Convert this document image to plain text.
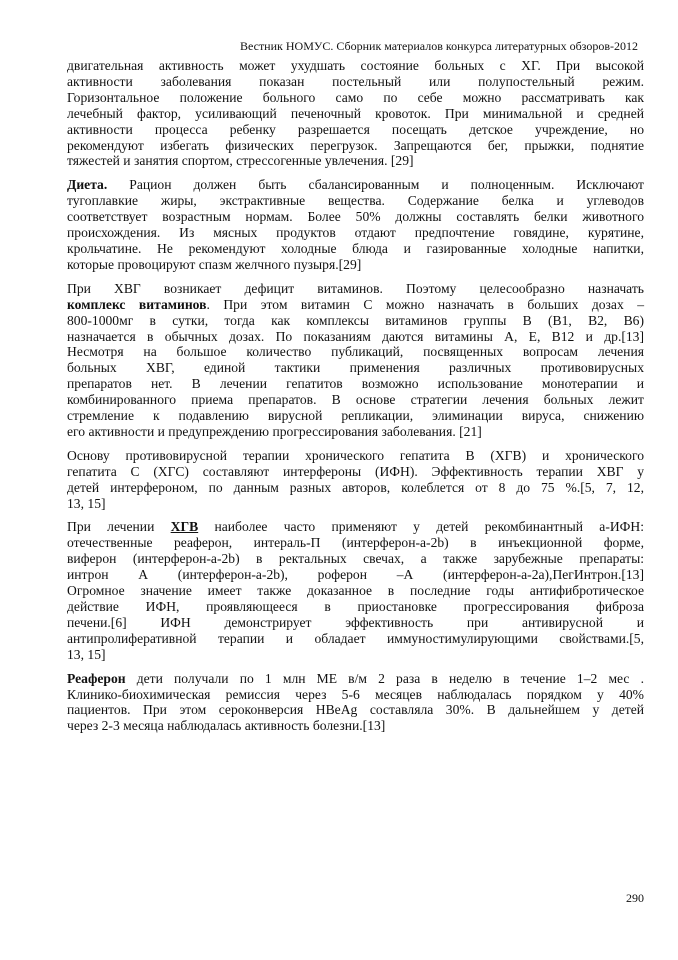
Вестник НОМУС. Сборник материалов конкурса литературных обзоров-2012

двигательная активность может ухудшать состояние больных с ХГ. При высокой
активности заболевания показан постельный или полупостельный режим.
Горизонтальное положение больного само по себе можно рассматривать как
лечебный фактор, усиливающий печеночный кровоток. При минимальной и средней
активности процесса ребенку разрешается посещать детское учреждение, но
рекомендуют избегать физических перегрузок. Запрещаются бег, прыжки, поднятие
тяжестей и занятия спортом, стрессогенные увлечения. [29]

Диета. Рацион должен быть сбалансированным и полноценным. Исключают
тугоплавкие жиры, экстрактивные вещества. Содержание белка и углеводов
соответствует возрастным нормам. Более 50% должны составлять белки животного
происхождения. Из мясных продуктов отдают предпочтение говядине, курятине,
крольчатине. Не рекомендуют холодные блюда и газированные холодные напитки,
которые провоцируют спазм желчного пузыря.[29]

При ХВГ возникает дефицит витаминов. Поэтому целесообразно назначать
комплекс витаминов. При этом витамин С можно назначать в больших дозах –
800-1000мг в сутки, тогда как комплексы витаминов группы В (В1, В2, В6)
назначается в обычных дозах. По показаниям даются витамины А, Е, В12 и др.[13]
Несмотря на большое количество публикаций, посвященных вопросам лечения
больных ХВГ, единой тактики применения различных противовирусных
препаратов нет. В лечении гепатитов возможно использование монотерапии и
комбинированного приема препаратов. В основе стратегии лечения больных лежит
стремление к подавлению вирусной репликации, элиминации вируса, снижению
его активности и предупреждению прогрессирования заболевания. [21]

Основу противовирусной терапии хронического гепатита В (ХГВ) и хронического
гепатита С (ХГС) составляют интерфероны (ИФН). Эффективность терапии ХВГ у
детей интерфероном, по данным разных авторов, колеблется от 8 до 75 %.[5, 7, 12,
13, 15]

При лечении ХГВ наиболее часто применяют у детей рекомбинантный а-ИФН:
отечественные реаферон, интераль-П (интерферон-а-2b) в инъекционной форме,
виферон (интерферон-а-2b) в ректальных свечах, а также зарубежные препараты:
интрон А (интерферон-а-2b), роферон –А (интерферон-а-2а),ПегИнтрон.[13]
Огромное значение имеет также доказанное в последние годы антифибротическое
действие ИФН, проявляющееся в приостановке прогрессирования фиброза
печени.[6] ИФН демонстрирует эффективность при антивирусной и
антипролиферативной терапии и обладает иммуностимулирующими свойствами.[5,
13, 15]

Реаферон дети получали по 1 млн МЕ в/м 2 раза в неделю в течение 1–2 мес .
Клинико-биохимическая ремиссия через 5-6 месяцев наблюдалась порядком у 40%
пациентов. При этом сероконверсия HBeAg составляла 30%. В дальнейшем у детей
через 2-3 месяца наблюдалась активность болезни.[13]

290
